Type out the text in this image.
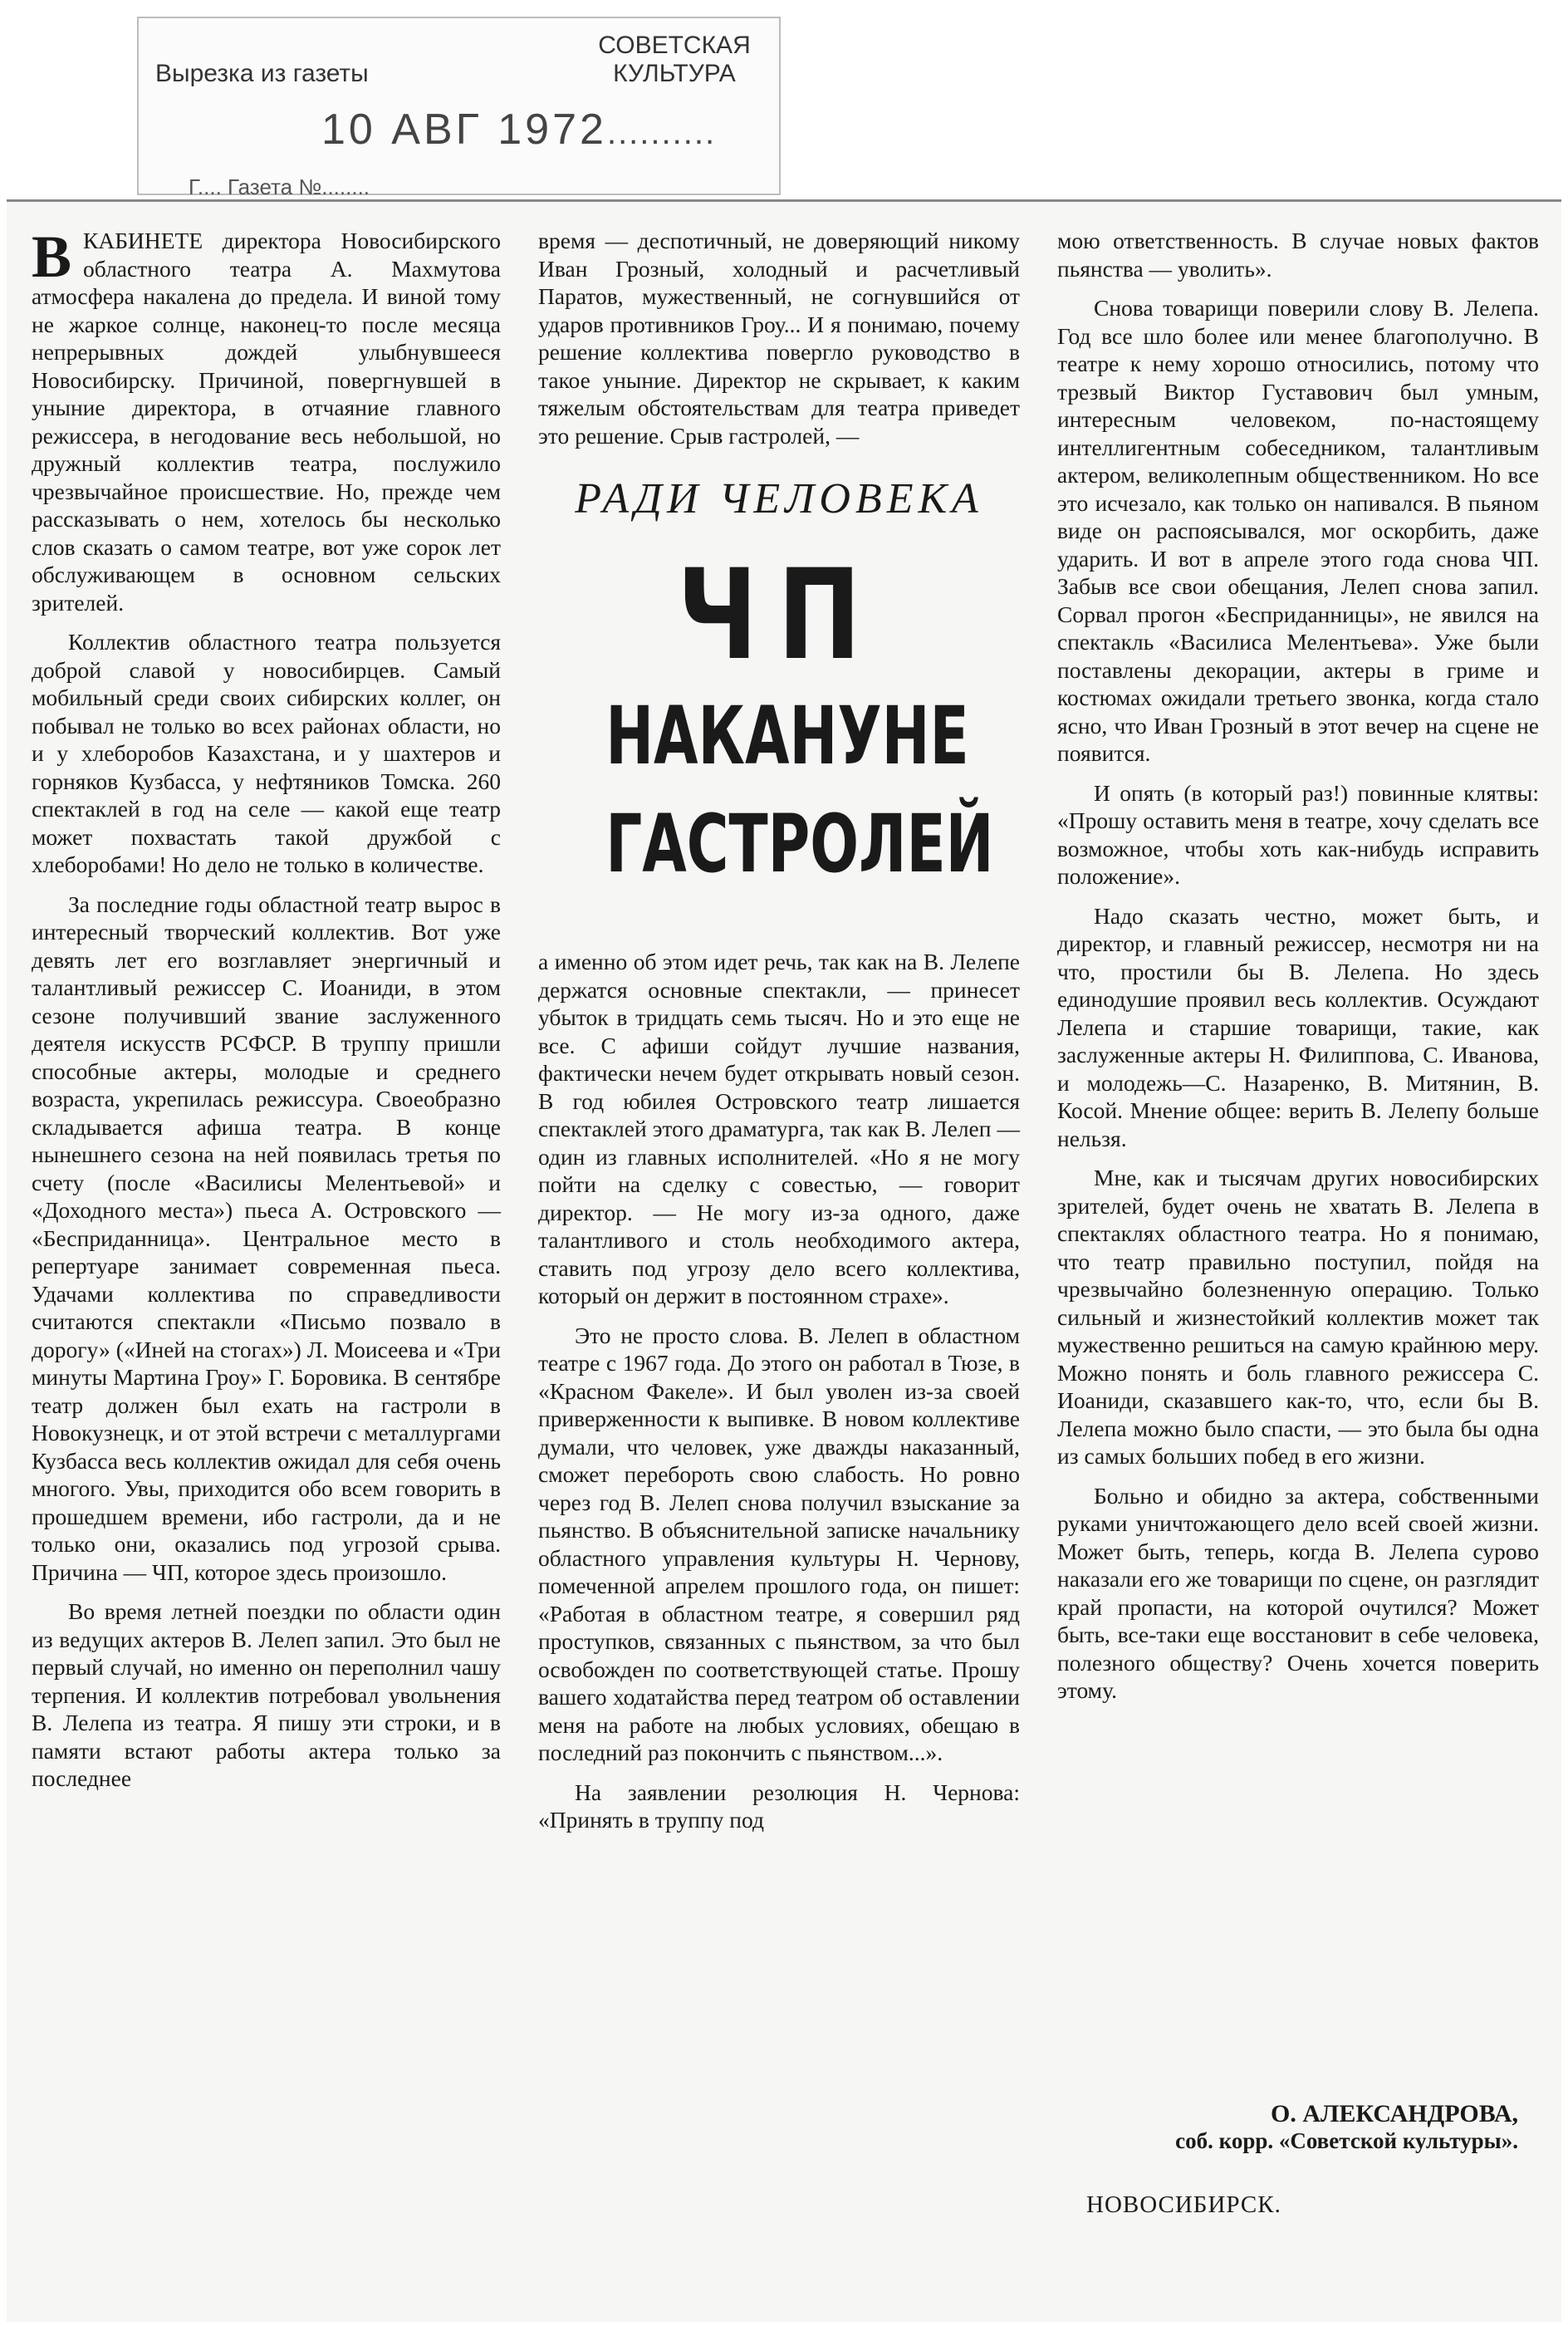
Вырезка из газеты
СОВЕТСКАЯ
КУЛЬТУРА
10 АВГ 1972..........
Г.... Газета №........

ВКАБИНЕТЕ директора Новосибирского областного театра А. Махмутова атмосфера накалена до предела. И виной тому не жаркое солнце, наконец-то после месяца непрерывных дождей улыбнувшееся Новосибирску. Причиной, повергнувшей в уныние директора, в отчаяние главного режиссера, в негодование весь небольшой, но дружный коллектив театра, послужило чрезвычайное происшествие. Но, прежде чем рассказывать о нем, хотелось бы несколько слов сказать о самом театре, вот уже сорок лет обслуживающем в основном сельских зрителей.

Коллектив областного театра пользуется доброй славой у новосибирцев. Самый мобильный среди своих сибирских коллег, он побывал не только во всех районах области, но и у хлеборобов Казахстана, и у шахтеров и горняков Кузбасса, у нефтяников Томска. 260 спектаклей в год на селе — какой еще театр может похвастать такой дружбой с хлеборобами! Но дело не только в количестве.

За последние годы областной театр вырос в интересный творческий коллектив. Вот уже девять лет его возглавляет энергичный и талантливый режиссер С. Иоаниди, в этом сезоне получивший звание заслуженного деятеля искусств РСФСР. В труппу пришли способные актеры, молодые и среднего возраста, укрепилась режиссура. Своеобразно складывается афиша театра. В конце нынешнего сезона на ней появилась третья по счету (после «Василисы Мелентьевой» и «Доходного места») пьеса А. Островского — «Бесприданница». Центральное место в репертуаре занимает современная пьеса. Удачами коллектива по справедливости считаются спектакли «Письмо позвало в дорогу» («Иней на стогах») Л. Моисеева и «Три минуты Мартина Гроу» Г. Боровика. В сентябре театр должен был ехать на гастроли в Новокузнецк, и от этой встречи с металлургами Кузбасса весь коллектив ожидал для себя очень многого. Увы, приходится обо всем говорить в прошедшем времени, ибо гастроли, да и не только они, оказались под угрозой срыва. Причина — ЧП, которое здесь произошло.

Во время летней поездки по области один из ведущих актеров В. Лелеп запил. Это был не первый случай, но именно он переполнил чашу терпения. И коллектив потребовал увольнения В. Лелепа из театра. Я пишу эти строки, и в памяти встают работы актера только за последнее

время — деспотичный, не доверяющий никому Иван Грозный, холодный и расчетливый Паратов, мужественный, не согнувшийся от ударов противников Гроу... И я понимаю, почему решение коллектива повергло руководство в такое уныние. Директор не скрывает, к каким тяжелым обстоятельствам для театра приведет это решение. Срыв гастролей, —

РАДИ ЧЕЛОВЕКА
ЧП
НАКАНУНЕ
ГАСТРОЛЕЙ

а именно об этом идет речь, так как на В. Лелепе держатся основные спектакли, — принесет убыток в тридцать семь тысяч. Но и это еще не все. С афиши сойдут лучшие названия, фактически нечем будет открывать новый сезон. В год юбилея Островского театр лишается спектаклей этого драматурга, так как В. Лелеп — один из главных исполнителей. «Но я не могу пойти на сделку с совестью, — говорит директор. — Не могу из-за одного, даже талантливого и столь необходимого актера, ставить под угрозу дело всего коллектива, который он держит в постоянном страхе».

Это не просто слова. В. Лелеп в областном театре с 1967 года. До этого он работал в Тюзе, в «Красном Факеле». И был уволен из-за своей приверженности к выпивке. В новом коллективе думали, что человек, уже дважды наказанный, сможет перебороть свою слабость. Но ровно через год В. Лелеп снова получил взыскание за пьянство. В объяснительной записке начальнику областного управления культуры Н. Чернову, помеченной апрелем прошлого года, он пишет: «Работая в областном театре, я совершил ряд проступков, связанных с пьянством, за что был освобожден по соответствующей статье. Прошу вашего ходатайства перед театром об оставлении меня на работе на любых условиях, обещаю в последний раз покончить с пьянством...».

На заявлении резолюция Н. Чернова: «Принять в труппу под

мою ответственность. В случае новых фактов пьянства — уволить».

Снова товарищи поверили слову В. Лелепа. Год все шло более или менее благополучно. В театре к нему хорошо относились, потому что трезвый Виктор Густавович был умным, интересным человеком, по-настоящему интеллигентным собеседником, талантливым актером, великолепным общественником. Но все это исчезало, как только он напивался. В пьяном виде он распоясывался, мог оскорбить, даже ударить. И вот в апреле этого года снова ЧП. Забыв все свои обещания, Лелеп снова запил. Сорвал прогон «Бесприданницы», не явился на спектакль «Василиса Мелентьева». Уже были поставлены декорации, актеры в гриме и костюмах ожидали третьего звонка, когда стало ясно, что Иван Грозный в этот вечер на сцене не появится.

И опять (в который раз!) повинные клятвы: «Прошу оставить меня в театре, хочу сделать все возможное, чтобы хоть как-нибудь исправить положение».

Надо сказать честно, может быть, и директор, и главный режиссер, несмотря ни на что, простили бы В. Лелепа. Но здесь единодушие проявил весь коллектив. Осуждают Лелепа и старшие товарищи, такие, как заслуженные актеры Н. Филиппова, С. Иванова, и молодежь—С. Назаренко, В. Митянин, В. Косой. Мнение общее: верить В. Лелепу больше нельзя.

Мне, как и тысячам других новосибирских зрителей, будет очень не хватать В. Лелепа в спектаклях областного театра. Но я понимаю, что театр правильно поступил, пойдя на чрезвычайно болезненную операцию. Только сильный и жизнестойкий коллектив может так мужественно решиться на самую крайнюю меру. Можно понять и боль главного режиссера С. Иоаниди, сказавшего как-то, что, если бы В. Лелепа можно было спасти, — это была бы одна из самых больших побед в его жизни.

Больно и обидно за актера, собственными руками уничтожающего дело всей своей жизни. Может быть, теперь, когда В. Лелепа сурово наказали его же товарищи по сцене, он разглядит край пропасти, на которой очутился? Может быть, все-таки еще восстановит в себе человека, полезного обществу? Очень хочется поверить этому.

О. АЛЕКСАНДРОВА,
соб. корр. «Советской культуры».
НОВОСИБИРСК.
